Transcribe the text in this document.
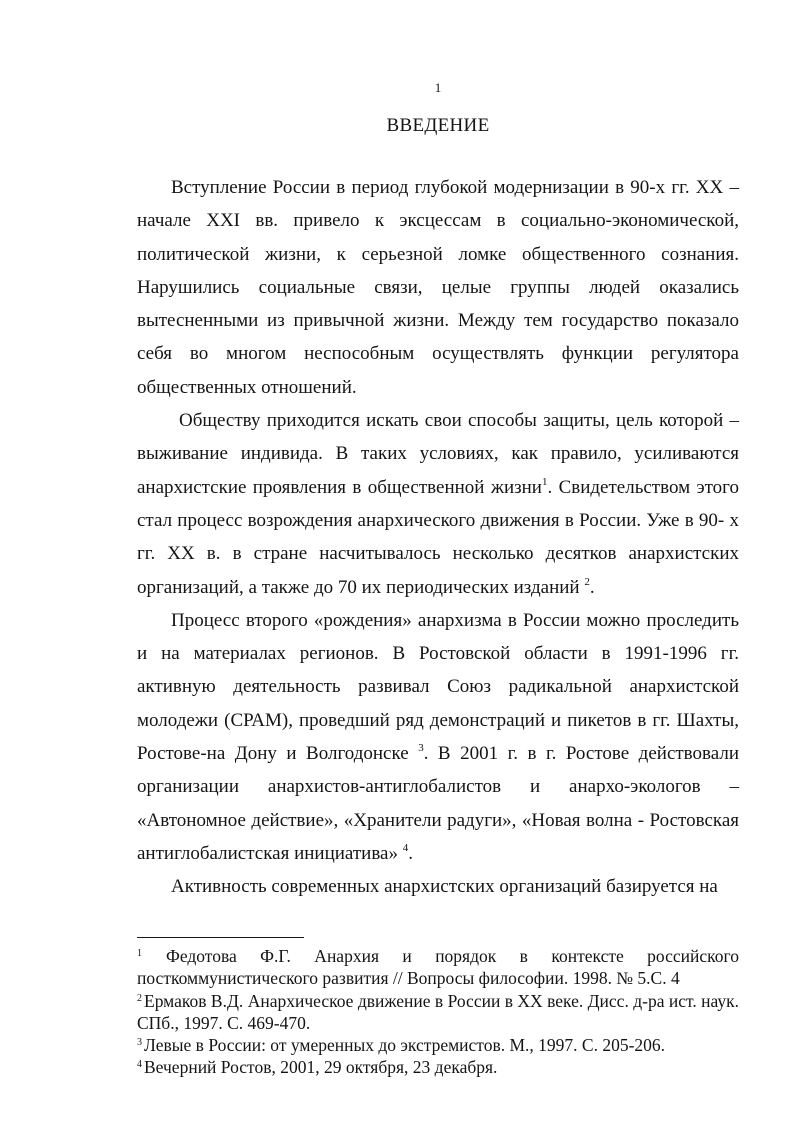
1
ВВЕДЕНИЕ

Вступление России в период глубокой модернизации в 90-х гг. XX – начале XXI вв. привело к эксцессам в социально-экономической, политической жизни, к серьезной ломке общественного сознания. Нарушились социальные связи, целые группы людей оказались вытесненными из привычной жизни. Между тем государство показало себя во многом неспособным осуществлять функции регулятора общественных отношений.

Обществу приходится искать свои способы защиты, цель которой – выживание индивида. В таких условиях, как правило, усиливаются анархистские проявления в общественной жизни$^1$. Свидетельством этого стал процесс возрождения анархического движения в России. Уже в 90- х гг. XX в. в стране насчитывалось несколько десятков анархистских организаций, а также до 70 их периодических изданий $^2$.

Процесс второго «рождения» анархизма в России можно проследить и на материалах регионов. В Ростовской области в 1991-1996 гг. активную деятельность развивал Союз радикальной анархистской молодежи (СРАМ), проведший ряд демонстраций и пикетов в гг. Шахты, Ростове-на Дону и Волгодонске $^3$. В 2001 г. в г. Ростове действовали организации анархистов-антиглобалистов и анархо-экологов – «Автономное действие», «Хранители радуги», «Новая волна - Ростовская антиглобалистская инициатива» $^4$.

Активность современных анархистских организаций базируется на

$^1$ Федотова Ф.Г. Анархия и порядок в контексте российского посткоммунистического развития // Вопросы философии. 1998. № 5.С. 4

$^2$ Ермаков В.Д. Анархическое движение в России в XX веке. Дисс. д-ра ист. наук. СПб., 1997. С. 469-470.

$^3$ Левые в России: от умеренных до экстремистов. М., 1997. С. 205-206.

$^4$ Вечерний Ростов, 2001, 29 октября, 23 декабря.
